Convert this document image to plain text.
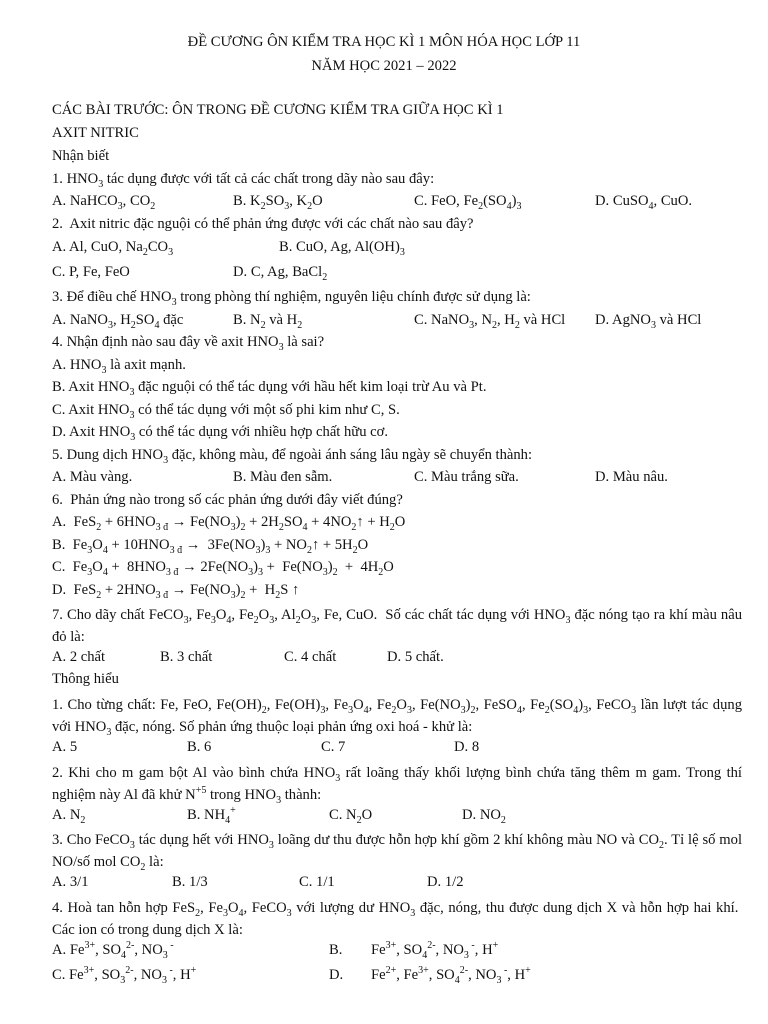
ĐỀ CƯƠNG ÔN KIỂM TRA HỌC KÌ 1 MÔN HÓA HỌC LỚP 11
NĂM HỌC 2021 – 2022
CÁC BÀI TRƯỚC: ÔN TRONG ĐỀ CƯƠNG KIỂM TRA GIỮA HỌC KÌ 1
AXIT NITRIC
Nhận biết
1. $HNO_3$ tác dụng được với tất cả các chất trong dãy nào sau đây:
A. NaHCO$_3$, $CO_2$	B. $K_2SO_3$, $K_2O$	C. FeO, $Fe_2(SO_4)_3$	D. CuSO$_4$, CuO.
2.  Axit nitric đặc nguội có thể phản ứng được với các chất nào sau đây?
A. Al, CuO, $Na_2CO_3$	B. CuO, Ag, $Al(OH)_3$
C. P, Fe, FeO	D. C, Ag, BaCl$_2$
3. Để điều chế $HNO_3$ trong phòng thí nghiệm, nguyên liệu chính được sử dụng là:
A. NaNO$_3$, $H_2SO_4$ đặc	B. $N_2$ và $H_2$	C. NaNO$_3$, $N_2$, $H_2$ và HCl D. AgNO$_3$ và HCl
4. Nhận định nào sau đây về axit $HNO_3$ là sai?
A. $HNO_3$ là axit mạnh.
B. Axit $HNO_3$ đặc nguội có thể tác dụng với hầu hết kim loại trừ Au và Pt.
C. Axit $HNO_3$ có thể tác dụng với một số phi kim như C, S.
D. Axit $HNO_3$ có thể tác dụng với nhiều hợp chất hữu cơ.
5. Dung dịch $HNO_3$ đặc, không màu, để ngoài ánh sáng lâu ngày sẽ chuyển thành:
A. Màu vàng.	B. Màu đen sẫm.	C. Màu trắng sữa.	D. Màu nâu.
6.  Phản ứng nào trong số các phản ứng dưới đây viết đúng?
A.  $FeS_2 + 6HNO_{3 đ} \to Fe(NO_3)_2 + 2H_2SO_4$ + $4NO_2↑ + H_2O$
B.  $Fe_3O_4 + 10HNO_{3 đ} \to 3Fe(NO_3)_3$ + $NO_2↑ + 5H_2O$
C.  $Fe_3O_4 + 8HNO_{3 đ} \to 2Fe(NO_3)_3 + Fe(NO_3)_2 + 4H_2O$
D.  $FeS_2 + 2HNO_{3 đ} \to Fe(NO_3)_2 + H_2S$ ↑
7. Cho dãy chất FeCO$_3$, $Fe_3O_4$, $Fe_2O_3$, $Al_2O_3$, Fe, CuO.  Số các chất tác dụng với $HNO_3$ đặc nóng tạo ra khí màu nâu đỏ là:
A. 2 chất	B. 3 chất	C. 4 chất	D. 5 chất.
Thông hiểu
1. Cho từng chất: Fe, FeO, $Fe(OH)_2$, $Fe(OH)_3$, $Fe_3O_4$, $Fe_2O_3$, $Fe(NO_3)_2$, FeSO$_4$, $Fe_2(SO_4)_3$, FeCO$_3$ lần lượt tác dụng với $HNO_3$ đặc, nóng. Số phản ứng thuộc loại phản ứng oxi hoá - khử là:
A. 5	B. 6	C. 7	D. 8
2. Khi cho m gam bột Al vào bình chứa $HNO_3$ rất loãng thấy khối lượng bình chứa tăng thêm m gam. Trong thí nghiệm này Al đã khử $N^{+5}$ trong $HNO_3$ thành:
A. $N_2$	B. $NH_4^+$	C. $N_2O$	D. $NO_2$
3. Cho FeCO$_3$ tác dụng hết với $HNO_3$ loãng dư thu được hỗn hợp khí gồm 2 khí không màu NO và $CO_2$. Tỉ lệ số mol NO/số mol $CO_2$ là:
A. 3/1	B. 1/3	C. 1/1	D. 1/2
4. Hoà tan hỗn hợp FeS$_2$, $Fe_3O_4$, FeCO$_3$ với lượng dư $HNO_3$ đặc, nóng, thu được dung dịch X và hỗn hợp hai khí.  Các ion có trong dung dịch X là:
A. $Fe^{3+}$, $SO_4^{2-}$, $NO_3$ -	B. $Fe^{3+}$, $SO_4^{2-}$, $NO_3$ -, H+
C. $Fe^{3+}$, $SO_3^{2-}$, $NO_3$ -, H+	D. $Fe^{2+}$, $Fe^{3+}$, $SO_4^{2-}$, $NO_3$ -, H+
